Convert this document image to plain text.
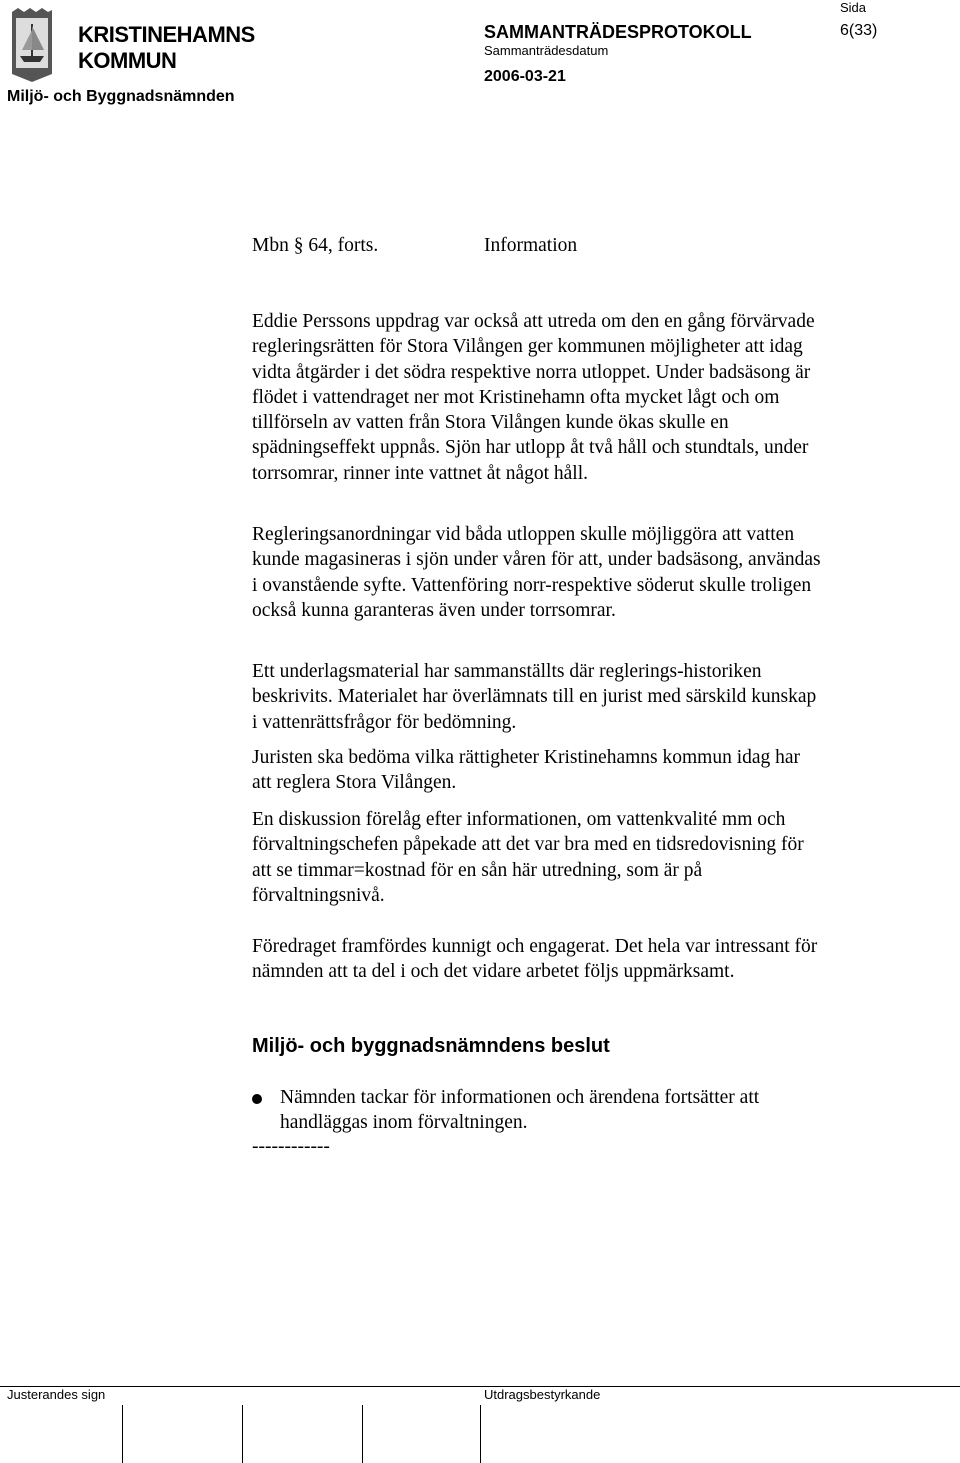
KRISTINEHAMNS
KOMMUN
Miljö- och Byggnadsnämnden
SAMMANTRÄDESPROTOKOLL
Sammanträdesdatum
2006-03-21
Sida
6(33)
Mbn § 64, forts.	Information
Eddie Perssons uppdrag var också att utreda om den en gång förvärvade regleringsrätten för Stora Vilången ger kommunen möjligheter att idag vidta åtgärder i det södra respektive norra utloppet. Under badsäsong är flödet i vattendraget ner mot Kristinehamn ofta mycket lågt och om tillförseln av vatten från Stora Vilången kunde ökas skulle en spädningseffekt uppnås. Sjön har utlopp åt två håll och stundtals, under torrsomrar, rinner inte vattnet åt något håll.
Regleringsanordningar vid båda utloppen skulle möjliggöra att vatten kunde magasineras i sjön under våren för att, under badsäsong, användas i ovanstående syfte. Vattenföring norr-respektive söderut skulle troligen också kunna garanteras även under torrsomrar.
Ett underlagsmaterial har sammanställts där reglerings-historiken beskrivits. Materialet har överlämnats till en jurist med särskild kunskap i vattenrättsfrågor för bedömning.
Juristen ska bedöma vilka rättigheter Kristinehamns kommun idag har att reglera Stora Vilången.
En diskussion förelåg efter informationen, om vattenkvalité mm och förvaltningschefen påpekade att det var bra med en tidsredovisning för att se timmar=kostnad för en sån här utredning, som är på förvaltningsnivå.
Föredraget framfördes kunnigt och engagerat. Det hela var intressant för nämnden att ta del i och det vidare arbetet följs uppmärksamt.
Miljö- och byggnadsnämndens beslut
Nämnden tackar för informationen och ärendena fortsätter att handläggas inom förvaltningen.
------------
Justerandes sign	Utdragsbestyrkande
